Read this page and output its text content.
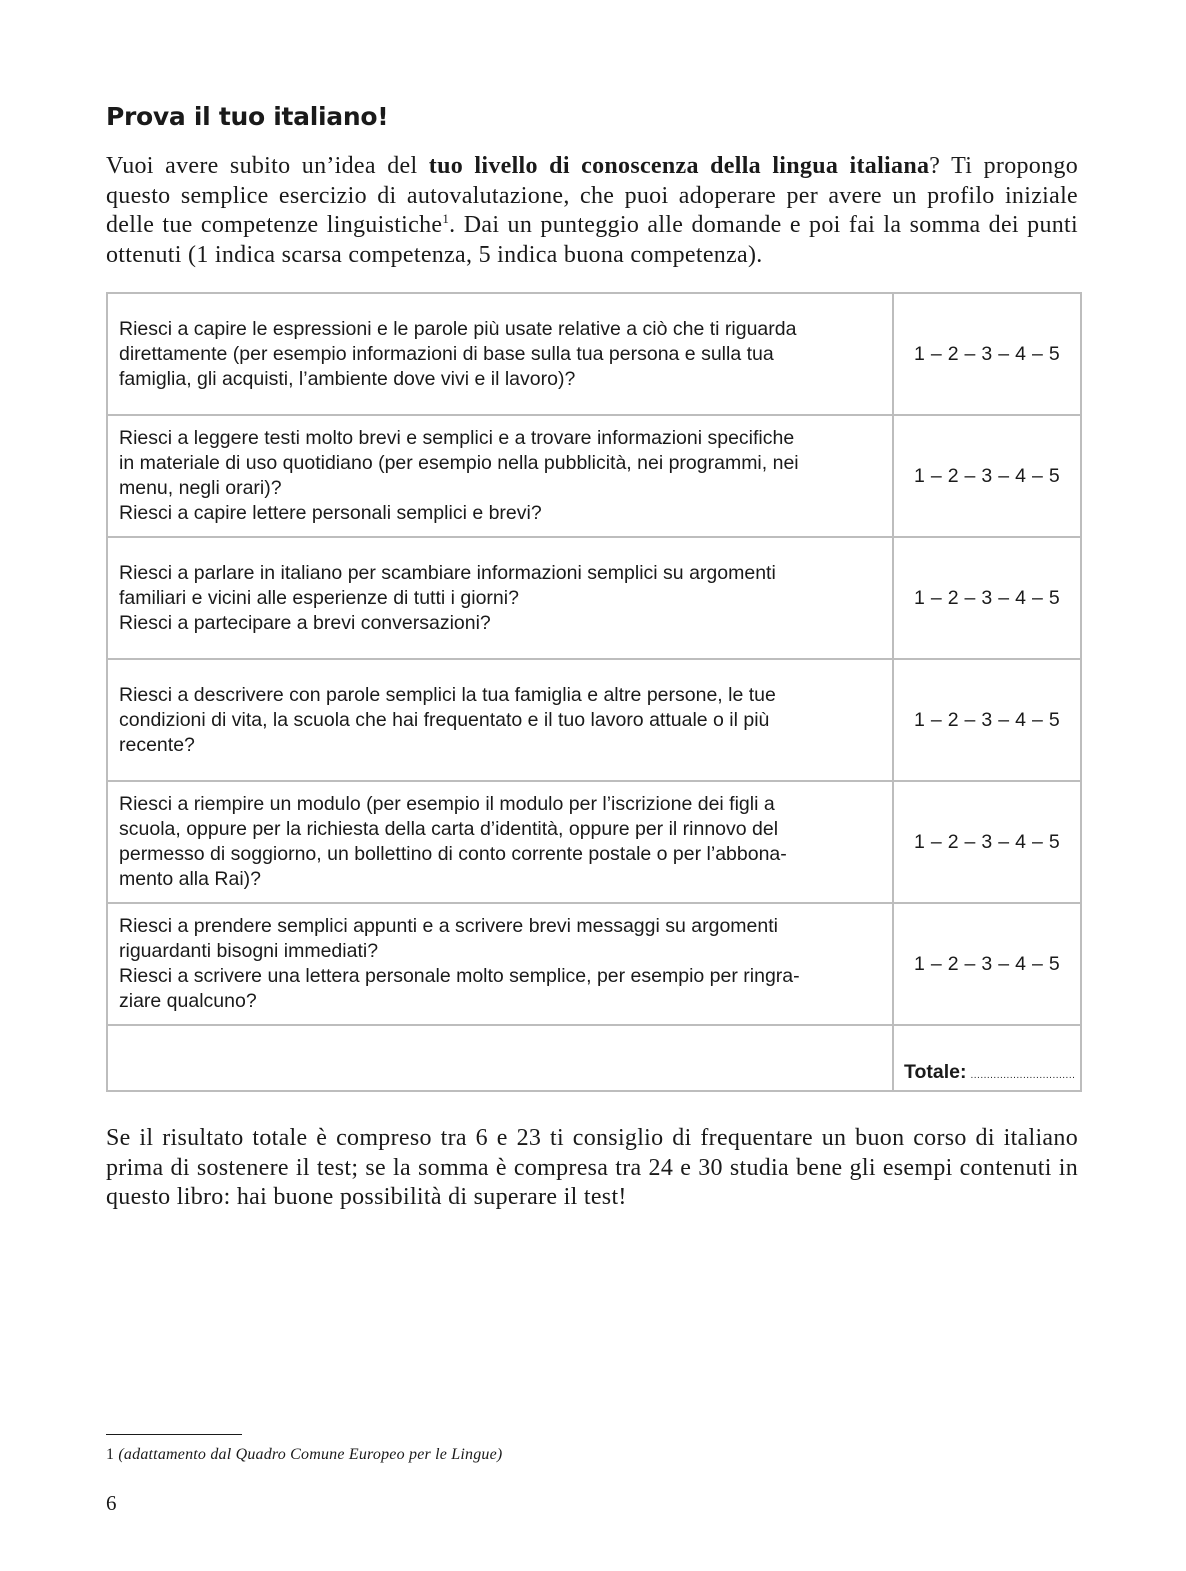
Prova il tuo italiano!

Vuoi avere subito un’idea del tuo livello di conoscenza della lingua italiana? Ti propongo questo semplice esercizio di autovalutazione, che puoi adoperare per avere un profilo iniziale delle tue competenze linguistiche$^1$. Dai un punteggio alle domande e poi fai la somma dei punti ottenuti (1 indica scarsa competenza, 5 indica buona competenza).

Riesci a capire le espressioni e le parole più usate relative a ciò che ti riguarda
direttamente (per esempio informazioni di base sulla tua persona e sulla tua
famiglia, gli acquisti, l’ambiente dove vivi e il lavoro)?	1 – 2 – 3 – 4 – 5

Riesci a leggere testi molto brevi e semplici e a trovare informazioni specifiche
in materiale di uso quotidiano (per esempio nella pubblicità, nei programmi, nei
menu, negli orari)?
Riesci a capire lettere personali semplici e brevi?	1 – 2 – 3 – 4 – 5

Riesci a parlare in italiano per scambiare informazioni semplici su argomenti
familiari e vicini alle esperienze di tutti i giorni?
Riesci a partecipare a brevi conversazioni?	1 – 2 – 3 – 4 – 5

Riesci a descrivere con parole semplici la tua famiglia e altre persone, le tue
condizioni di vita, la scuola che hai frequentato e il tuo lavoro attuale o il più
recente?	1 – 2 – 3 – 4 – 5

Riesci a riempire un modulo (per esempio il modulo per l’iscrizione dei figli a
scuola, oppure per la richiesta della carta d’identità, oppure per il rinnovo del
permesso di soggiorno, un bollettino di conto corrente postale o per l’abbona-
mento alla Rai)?	1 – 2 – 3 – 4 – 5

Riesci a prendere semplici appunti e a scrivere brevi messaggi su argomenti
riguardanti bisogni immediati?
Riesci a scrivere una lettera personale molto semplice, per esempio per ringra-
ziare qualcuno?	1 – 2 – 3 – 4 – 5
	Totale: ................................

Se il risultato totale è compreso tra 6 e 23 ti consiglio di frequentare un buon corso di italiano prima di sostenere il test; se la somma è compresa tra 24 e 30 studia bene gli esempi contenuti in questo libro: hai buone possibilità di superare il test!

1 (adattamento dal Quadro Comune Europeo per le Lingue)

6
